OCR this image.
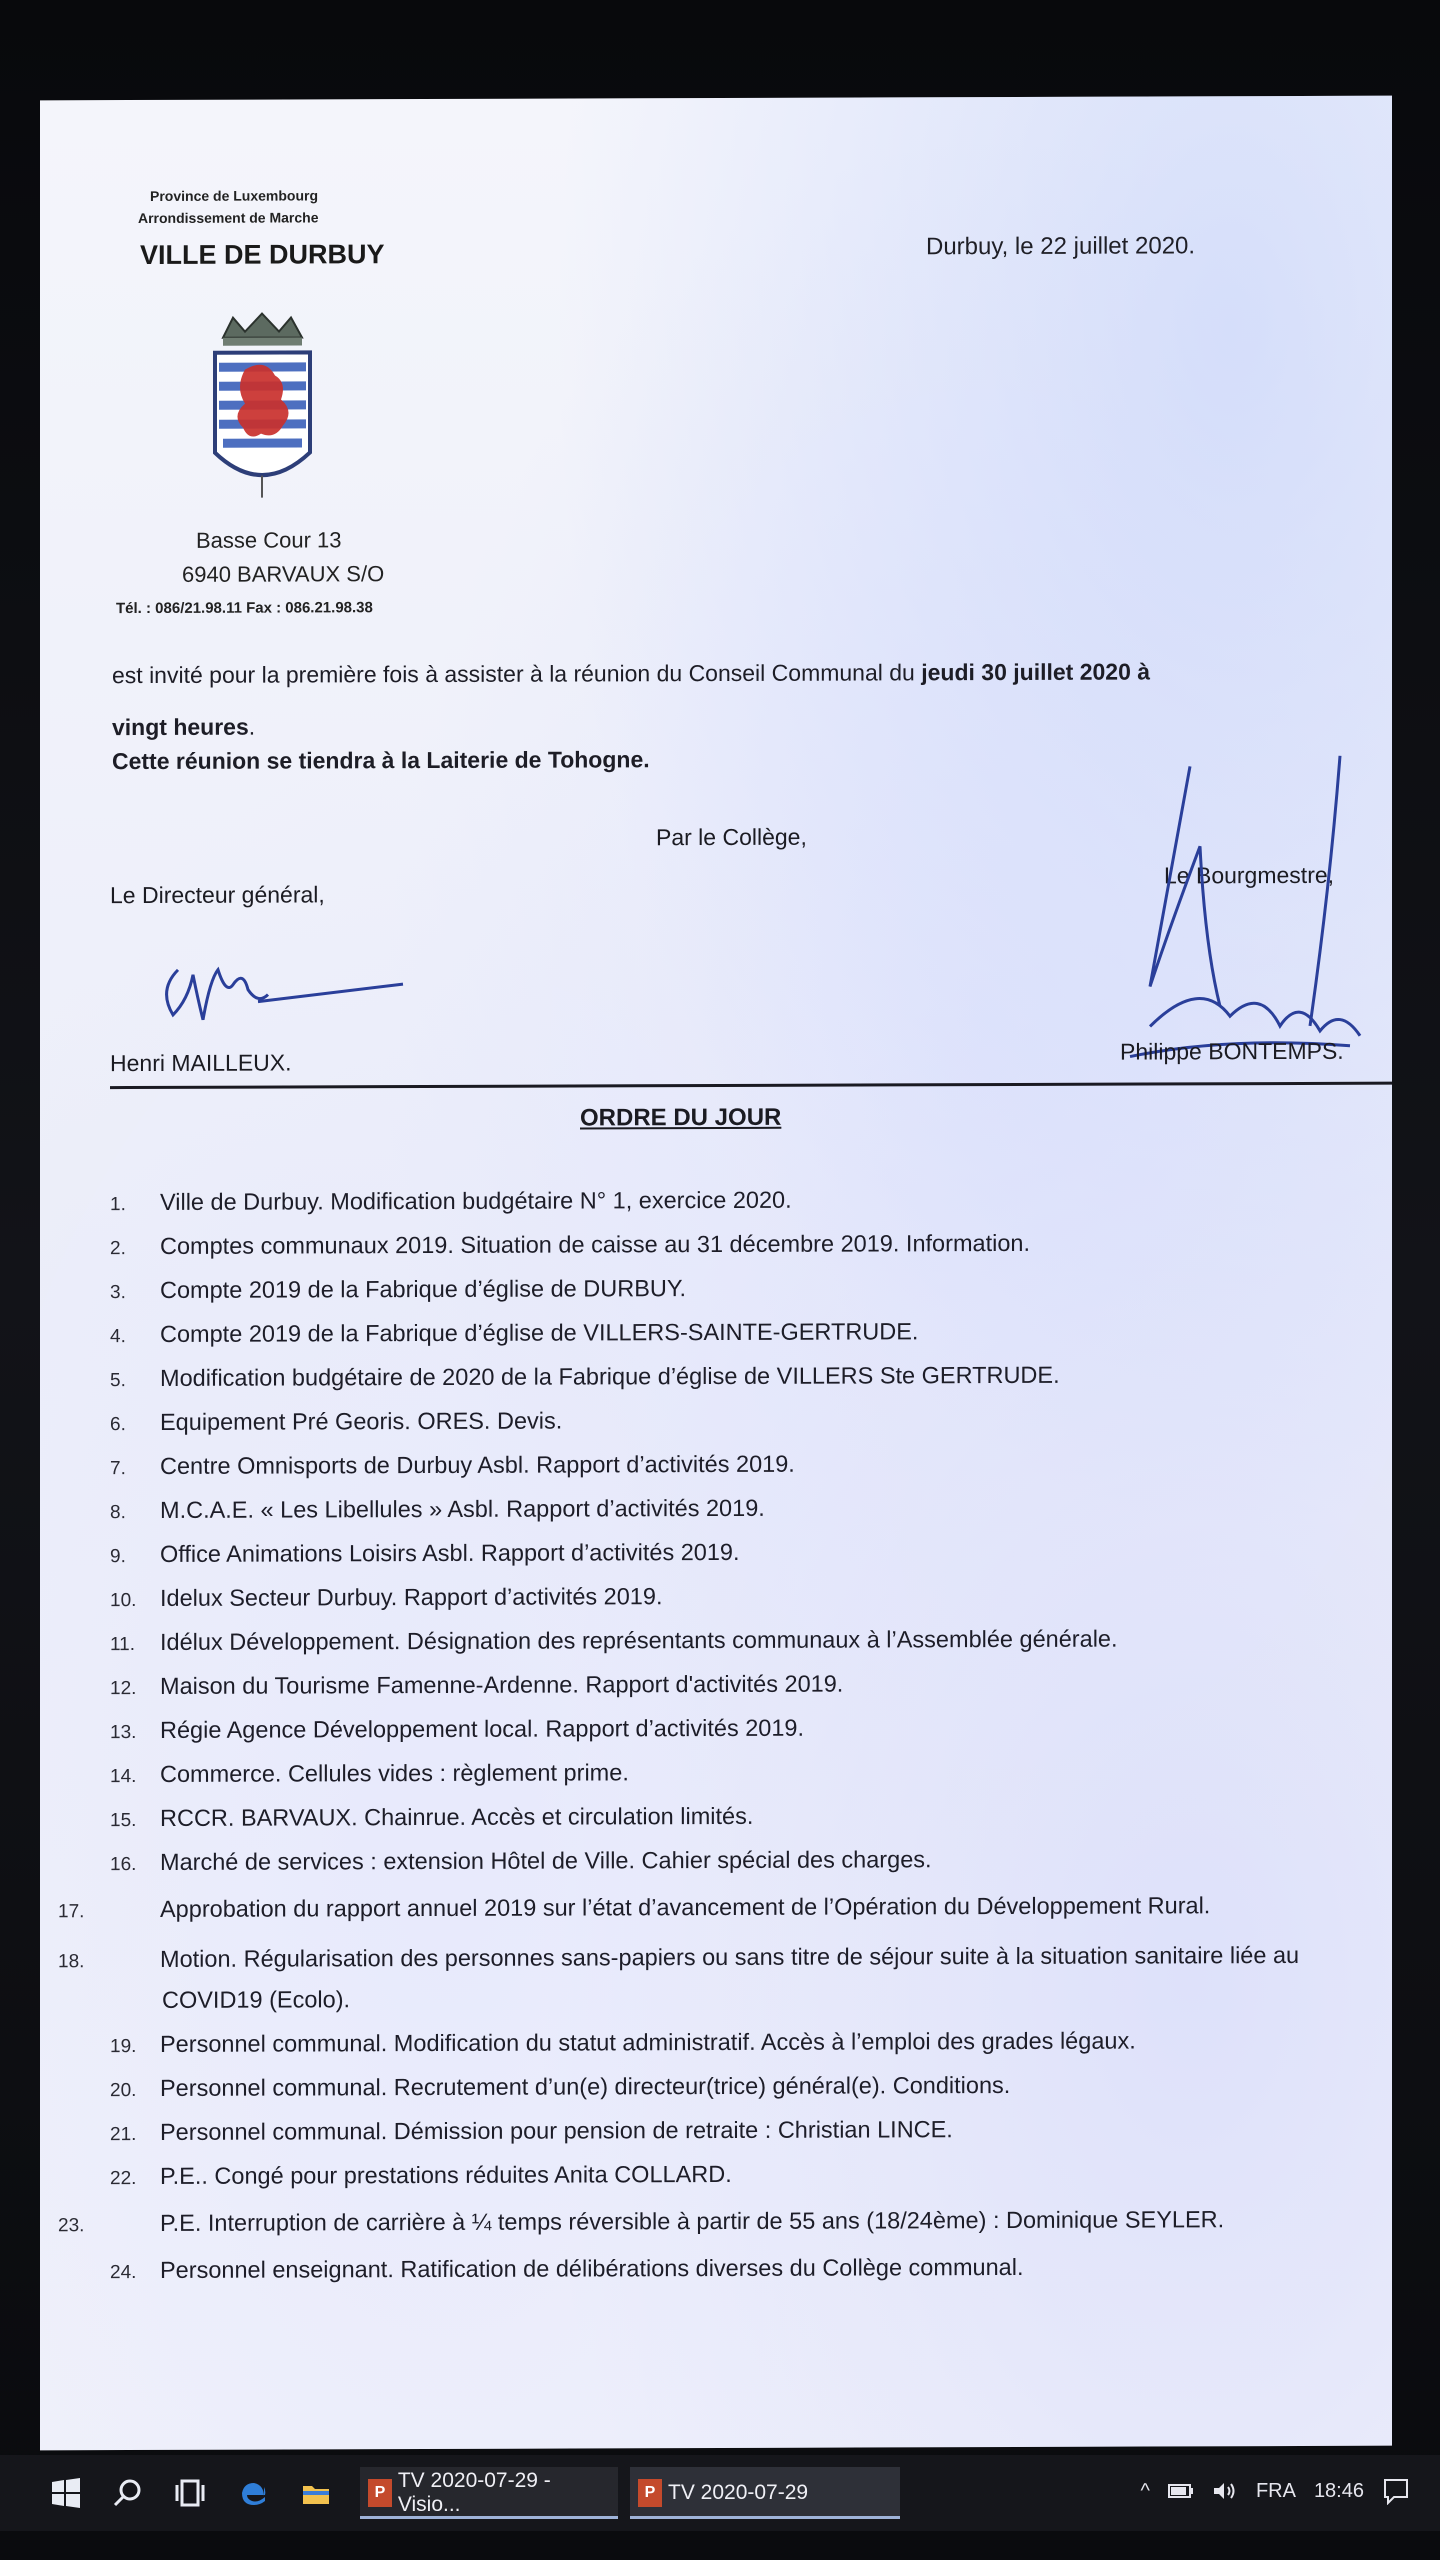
Province de Luxembourg
Arrondissement de Marche
VILLE DE DURBUY	Durbuy, le 22 juillet 2020.
Basse Cour 13
6940 BARVAUX S/O
Tél. : 086/21.98.11 Fax : 086.21.98.38
est invité pour la première fois à assister à la réunion du Conseil Communal du jeudi 30 juillet 2020 à
vingt heures.
Cette réunion se tiendra à la Laiterie de Tohogne.
Par le Collège,
Le Directeur général,
Le Bourgmestre,
Henri MAILLEUX.	Philippe BONTEMPS.
ORDRE DU JOUR
1. Ville de Durbuy. Modification budgétaire N° 1, exercice 2020.
2. Comptes communaux 2019. Situation de caisse au 31 décembre 2019. Information.
3. Compte 2019 de la Fabrique d’église de DURBUY.
4. Compte 2019 de la Fabrique d’église de VILLERS-SAINTE-GERTRUDE.
5. Modification budgétaire de 2020 de la Fabrique d’église de VILLERS Ste GERTRUDE.
6. Equipement Pré Georis. ORES. Devis.
7. Centre Omnisports de Durbuy Asbl. Rapport d’activités 2019.
8. M.C.A.E. « Les Libellules » Asbl. Rapport d’activités 2019.
9. Office Animations Loisirs Asbl. Rapport d’activités 2019.
10. Idelux Secteur Durbuy. Rapport d’activités 2019.
11. Idélux Développement. Désignation des représentants communaux à l’Assemblée générale.
12. Maison du Tourisme Famenne-Ardenne. Rapport d'activités 2019.
13. Régie Agence Développement local. Rapport d’activités 2019.
14. Commerce. Cellules vides : règlement prime.
15. RCCR. BARVAUX. Chainrue. Accès et circulation limités.
16. Marché de services : extension Hôtel de Ville. Cahier spécial des charges.
17.	Approbation du rapport annuel 2019 sur l’état d’avancement de l’Opération du Développement Rural.
18.	Motion. Régularisation des personnes sans-papiers ou sans titre de séjour suite à la situation sanitaire liée au COVID19 (Ecolo).
19. Personnel communal. Modification du statut administratif. Accès à l’emploi des grades légaux.
20. Personnel communal. Recrutement d’un(e) directeur(trice) général(e). Conditions.
21. Personnel communal. Démission pour pension de retraite : Christian LINCE.
22. P.E.. Congé pour prestations réduites Anita COLLARD.
23.	P.E. Interruption de carrière à ¼ temps réversible à partir de 55 ans (18/24ème) : Dominique SEYLER.
24. Personnel enseignant. Ratification de délibérations diverses du Collège communal.
P
TV 2020-07-29 - Visio...
P TV 2020-07-29	^	FRA 18:46
